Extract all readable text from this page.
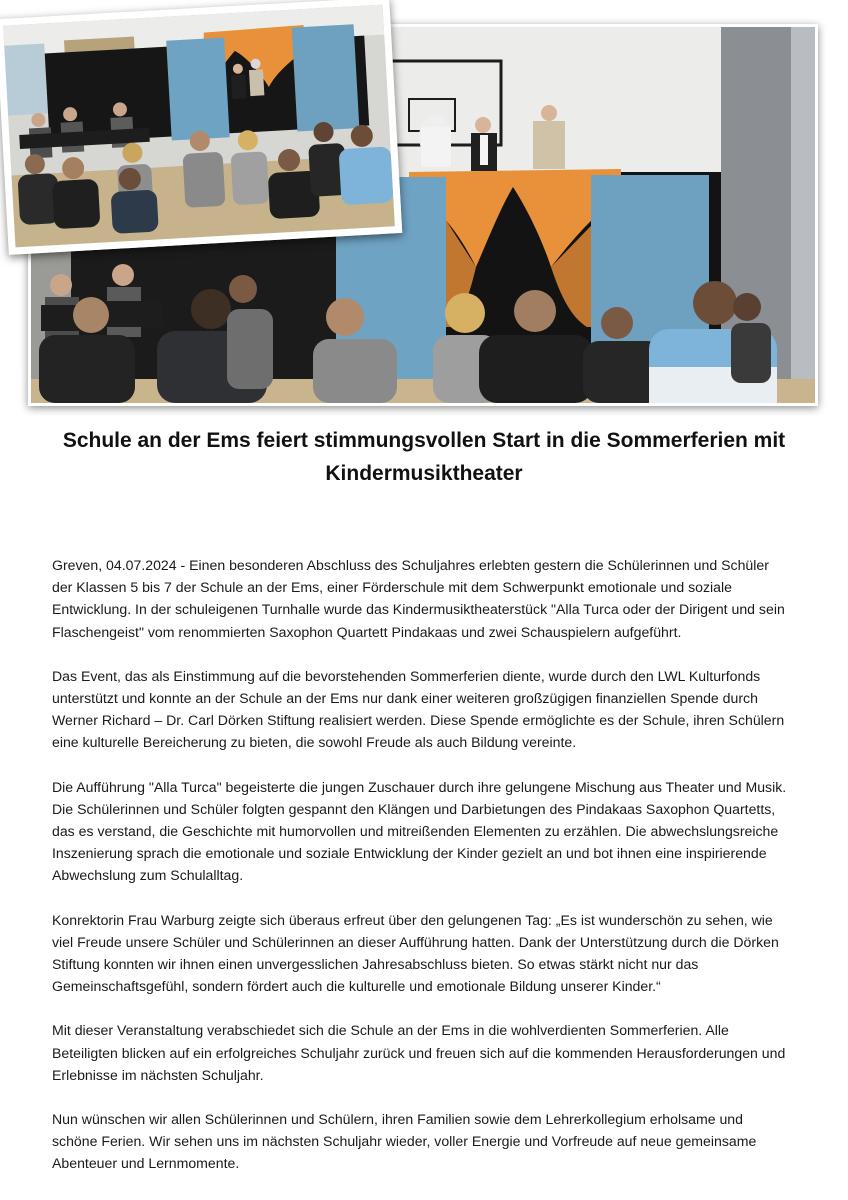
Schule an der Ems feiert stimmungsvollen Start in die Sommerferien mit Kindermusiktheater

Greven, 04.07.2024 - Einen besonderen Abschluss des Schuljahres erlebten gestern die Schülerinnen und Schüler der Klassen 5 bis 7 der Schule an der Ems, einer Förderschule mit dem Schwerpunkt emotionale und soziale Entwicklung. In der schuleigenen Turnhalle wurde das Kindermusiktheaterstück "Alla Turca oder der Dirigent und sein Flaschengeist" vom renommierten Saxophon Quartett Pindakaas und zwei Schauspielern aufgeführt.

Das Event, das als Einstimmung auf die bevorstehenden Sommerferien diente, wurde durch den LWL Kulturfonds unterstützt und konnte an der Schule an der Ems nur dank einer weiteren großzügigen finanziellen Spende durch Werner Richard – Dr. Carl Dörken Stiftung realisiert werden. Diese Spende ermöglichte es der Schule, ihren Schülern eine kulturelle Bereicherung zu bieten, die sowohl Freude als auch Bildung vereinte.

Die Aufführung "Alla Turca" begeisterte die jungen Zuschauer durch ihre gelungene Mischung aus Theater und Musik. Die Schülerinnen und Schüler folgten gespannt den Klängen und Darbietungen des Pindakaas Saxophon Quartetts, das es verstand, die Geschichte mit humorvollen und mitreißenden Elementen zu erzählen. Die abwechslungsreiche Inszenierung sprach die emotionale und soziale Entwicklung der Kinder gezielt an und bot ihnen eine inspirierende Abwechslung zum Schulalltag.

Konrektorin Frau Warburg zeigte sich überaus erfreut über den gelungenen Tag: „Es ist wunderschön zu sehen, wie viel Freude unsere Schüler und Schülerinnen an dieser Aufführung hatten. Dank der Unterstützung durch die Dörken Stiftung konnten wir ihnen einen unvergesslichen Jahresabschluss bieten. So etwas stärkt nicht nur das Gemeinschaftsgefühl, sondern fördert auch die kulturelle und emotionale Bildung unserer Kinder.“

Mit dieser Veranstaltung verabschiedet sich die Schule an der Ems in die wohlverdienten Sommerferien. Alle Beteiligten blicken auf ein erfolgreiches Schuljahr zurück und freuen sich auf die kommenden Herausforderungen und Erlebnisse im nächsten Schuljahr.

Nun wünschen wir allen Schülerinnen und Schülern, ihren Familien sowie dem Lehrerkollegium erholsame und schöne Ferien. Wir sehen uns im nächsten Schuljahr wieder, voller Energie und Vorfreude auf neue gemeinsame Abenteuer und Lernmomente.
